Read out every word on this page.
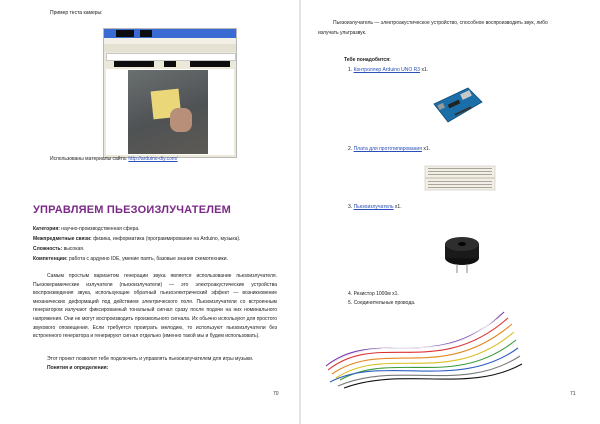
Пример теста камеры:
Использованы материалы сайта: http://arduino-diy.com/
УПРАВЛЯЕМ ПЬЕЗОИЗЛУЧАТЕЛЕМ
Категория: научно-производственная сфера.
Межпредметные связи: физика, информатика (программирование на Arduino, музыка).
Сложность: высокая.
Компетенции: работа с ардуино IDE, умение паять, базовые знания схемотехники.
Самым простым вариантом генерации звука является использование пьезоизлучателя. Пьезокерамические излучатели (пьезоизлучатели) — это электроакустические устройства воспроизведения звука, использующие обратный пьезоэлектрический эффект — возникновение механических деформаций под действием электрического поля. Пьезоизлучатели со встроенным генератором излучают фиксированный тональный сигнал сразу после подачи на них номинального напряжения. Они не могут воспроизводить произвольного сигнала. Их обычно используют для простого звукового оповещения. Если требуется проиграть мелодию, то используют пьезоизлучатели без встроенного генератора и генерируют сигнал отдельно (именно такой мы и будем использовать).
Этот проект позволит тебе подключить и управлять пьезоизлучателем для игры музыки.
Понятия и определения:
70
Пьезоизлучатель — электроакустическое устройство, способное воспроизводить звук, либо
излучать ультразвук.
Тебе понадобится:
1. Контроллер Arduino UNO R3 x1.
2. Плата для прототипирования x1.
3. Пьезоизлучатель x1.
4. Резистор 1000м x1.
5. Соединительные провода.
71
